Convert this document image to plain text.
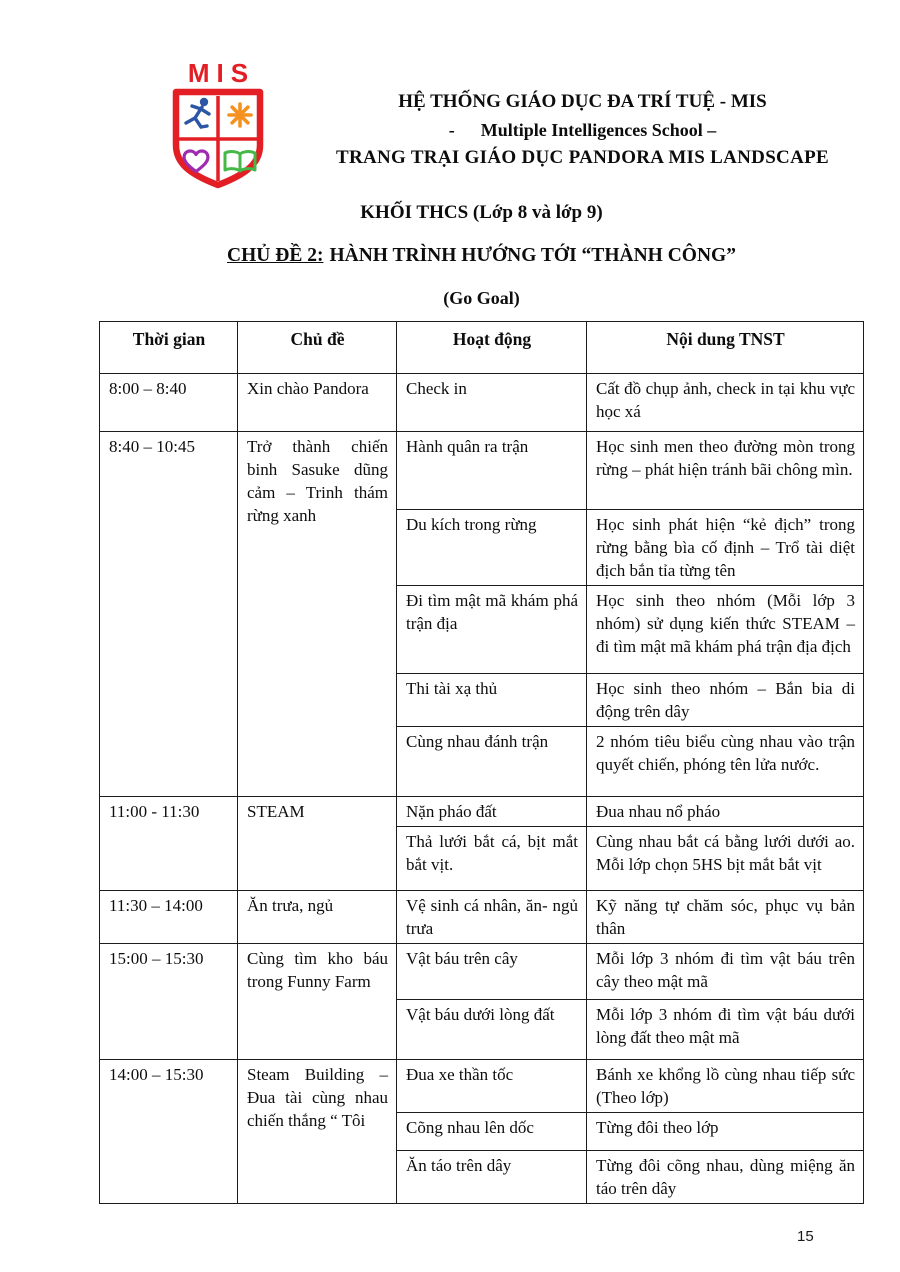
MIS
HỆ THỐNG GIÁO DỤC ĐA TRÍ TUỆ - MIS
- Multiple Intelligences School –
TRANG TRẠI GIÁO DỤC PANDORA MIS LANDSCAPE
KHỐI THCS (Lớp 8 và lớp 9)
CHỦ ĐỀ 2: HÀNH TRÌNH HƯỚNG TỚI “THÀNH CÔNG”
(Go Goal)
Thời gian	Chủ đề	Hoạt động	Nội dung TNST
8:00 – 8:40	Xin chào Pandora	Check in	Cất đồ chụp ảnh, check in tại khu vực học xá
8:40 – 10:45	Trở thành chiến binh Sasuke dũng cảm – Trinh thám rừng xanh	Hành quân ra trận	Học sinh men theo đường mòn trong rừng – phát hiện tránh bãi chông mìn.
		Du kích trong rừng	Học sinh phát hiện “kẻ địch” trong rừng bằng bìa cố định – Trổ tài diệt địch bắn tỉa từng tên
		Đi tìm mật mã khám phá trận địa	Học sinh theo nhóm (Mỗi lớp 3 nhóm) sử dụng kiến thức STEAM – đi tìm mật mã khám phá trận địa địch
		Thi tài xạ thủ	Học sinh theo nhóm – Bắn bia di động trên dây
		Cùng nhau đánh trận	2 nhóm tiêu biểu cùng nhau vào trận quyết chiến, phóng tên lửa nước.
11:00 - 11:30	STEAM	Nặn pháo đất	Đua nhau nổ pháo
		Thả lưới bắt cá, bịt mắt bắt vịt.	Cùng nhau bắt cá bằng lưới dưới ao. Mỗi lớp chọn 5HS bịt mắt bắt vịt
11:30 – 14:00	Ăn trưa, ngủ	Vệ sinh cá nhân, ăn- ngủ trưa	Kỹ năng tự chăm sóc, phục vụ bản thân
15:00 – 15:30	Cùng tìm kho báu trong Funny Farm	Vật báu trên cây	Mỗi lớp 3 nhóm đi tìm vật báu trên cây theo mật mã
		Vật báu dưới lòng đất	Mỗi lớp 3 nhóm đi tìm vật báu dưới lòng đất theo mật mã
14:00 – 15:30	Steam Building – Đua tài cùng nhau chiến thắng “ Tôi	Đua xe thần tốc	Bánh xe khổng lồ cùng nhau tiếp sức (Theo lớp)
		Cõng nhau lên dốc	Từng đôi theo lớp
		Ăn táo trên dây	Từng đôi cõng nhau, dùng miệng ăn táo trên dây
15
